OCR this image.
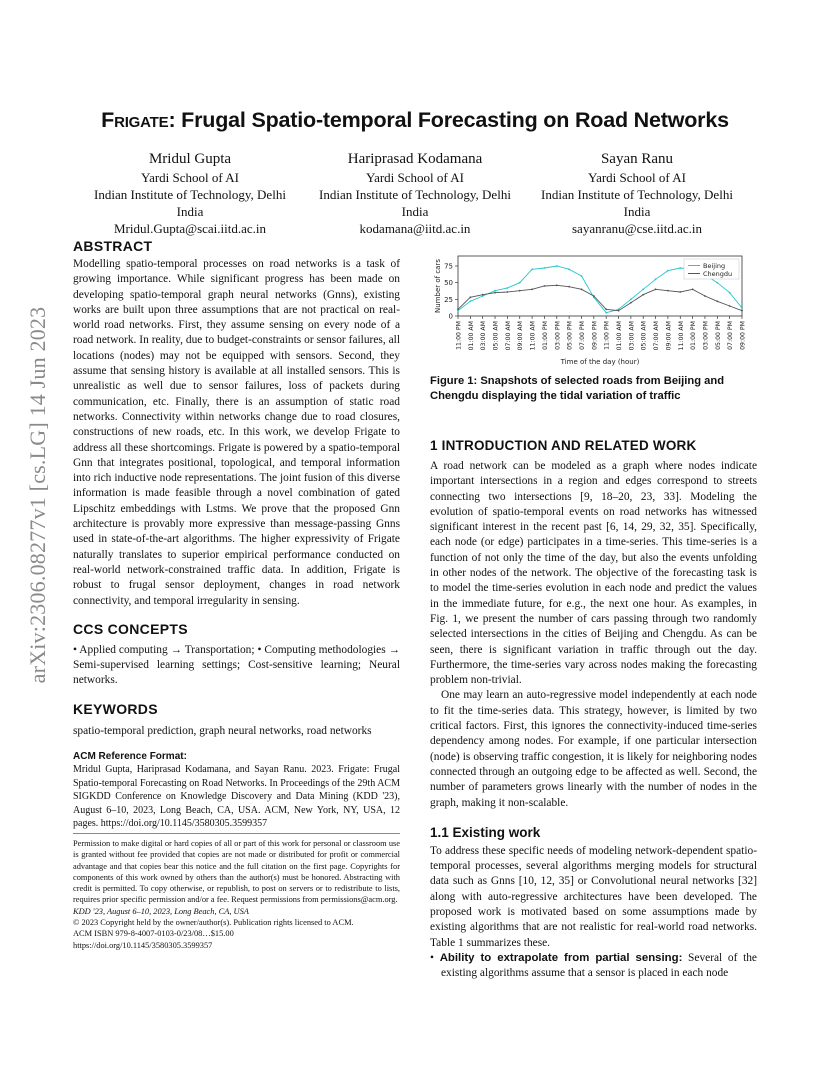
arXiv:2306.08277v1 [cs.LG] 14 Jun 2023
Frigate: Frugal Spatio-temporal Forecasting on Road Networks
Mridul Gupta
Yardi School of AI
Indian Institute of Technology, Delhi
India
Mridul.Gupta@scai.iitd.ac.in
Hariprasad Kodamana
Yardi School of AI
Indian Institute of Technology, Delhi
India
kodamana@iitd.ac.in
Sayan Ranu
Yardi School of AI
Indian Institute of Technology, Delhi
India
sayanranu@cse.iitd.ac.in
ABSTRACT

Modelling spatio-temporal processes on road networks is a task of growing importance. While significant progress has been made on developing spatio-temporal graph neural networks (Gnns), existing works are built upon three assumptions that are not practical on real-world road networks. First, they assume sensing on every node of a road network. In reality, due to budget-constraints or sensor failures, all locations (nodes) may not be equipped with sensors. Second, they assume that sensing history is available at all installed sensors. This is unrealistic as well due to sensor failures, loss of packets during communication, etc. Finally, there is an assumption of static road networks. Connectivity within networks change due to road closures, constructions of new roads, etc. In this work, we develop Frigate to address all these shortcomings. Frigate is powered by a spatio-temporal Gnn that integrates positional, topological, and temporal information into rich inductive node representations. The joint fusion of this diverse information is made feasible through a novel combination of gated Lipschitz embeddings with Lstms. We prove that the proposed Gnn architecture is provably more expressive than message-passing Gnns used in state-of-the-art algorithms. The higher expressivity of Frigate naturally translates to superior empirical performance conducted on real-world network-constrained traffic data. In addition, Frigate is robust to frugal sensor deployment, changes in road network connectivity, and temporal irregularity in sensing.

CCS CONCEPTS

• Applied computing → Transportation; • Computing methodologies → Semi-supervised learning settings; Cost-sensitive learning; Neural networks.

KEYWORDS

spatio-temporal prediction, graph neural networks, road networks

ACM Reference Format:

Mridul Gupta, Hariprasad Kodamana, and Sayan Ranu. 2023. Frigate: Frugal Spatio-temporal Forecasting on Road Networks. In Proceedings of the 29th ACM SIGKDD Conference on Knowledge Discovery and Data Mining (KDD '23), August 6–10, 2023, Long Beach, CA, USA. ACM, New York, NY, USA, 12 pages. https://doi.org/10.1145/3580305.3599357

Permission to make digital or hard copies of all or part of this work for personal or classroom use is granted without fee provided that copies are not made or distributed for profit or commercial advantage and that copies bear this notice and the full citation on the first page. Copyrights for components of this work owned by others than the author(s) must be honored. Abstracting with credit is permitted. To copy otherwise, or republish, to post on servers or to redistribute to lists, requires prior specific permission and/or a fee. Request permissions from permissions@acm.org.

KDD '23, August 6–10, 2023, Long Beach, CA, USA

© 2023 Copyright held by the owner/author(s). Publication rights licensed to ACM.

ACM ISBN 979-8-4007-0103-0/23/08…$15.00

https://doi.org/10.1145/3580305.3599357

0
25
50
75
11:00 PM 01:00 AM 03:00 AM 05:00 AM 07:00 AM 09:00 AM 11:00 AM 01:00 PM 03:00 PM 05:00 PM 07:00 PM 09:00 PM 11:00 PM 01:00 AM 03:00 AM 05:00 AM 07:00 AM 09:00 AM 11:00 AM 01:00 PM 03:00 PM 05:00 PM 07:00 PM 09:00 PM
Number of cars
Time of the day (hour)
Beijing
Chengdu

Figure 1: Snapshots of selected roads from Beijing and Chengdu displaying the tidal variation of traffic

1 INTRODUCTION AND RELATED WORK

A road network can be modeled as a graph where nodes indicate important intersections in a region and edges correspond to streets connecting two intersections [9, 18–20, 23, 33]. Modeling the evolution of spatio-temporal events on road networks has witnessed significant interest in the recent past [6, 14, 29, 32, 35]. Specifically, each node (or edge) participates in a time-series. This time-series is a function of not only the time of the day, but also the events unfolding in other nodes of the network. The objective of the forecasting task is to model the time-series evolution in each node and predict the values in the immediate future, for e.g., the next one hour. As examples, in Fig. 1, we present the number of cars passing through two randomly selected intersections in the cities of Beijing and Chengdu. As can be seen, there is significant variation in traffic through out the day. Furthermore, the time-series vary across nodes making the forecasting problem non-trivial.

One may learn an auto-regressive model independently at each node to fit the time-series data. This strategy, however, is limited by two critical factors. First, this ignores the connectivity-induced time-series dependency among nodes. For example, if one particular intersection (node) is observing traffic congestion, it is likely for neighboring nodes connected through an outgoing edge to be affected as well. Second, the number of parameters grows linearly with the number of nodes in the graph, making it non-scalable.

1.1 Existing work

To address these specific needs of modeling network-dependent spatio-temporal processes, several algorithms merging models for structural data such as Gnns [10, 12, 35] or Convolutional neural networks [32] along with auto-regressive architectures have been developed. The proposed work is motivated based on some assumptions made by existing algorithms that are not realistic for real-world road networks. Table 1 summarizes these.

• Ability to extrapolate from partial sensing: Several of the existing algorithms assume that a sensor is placed in each node
